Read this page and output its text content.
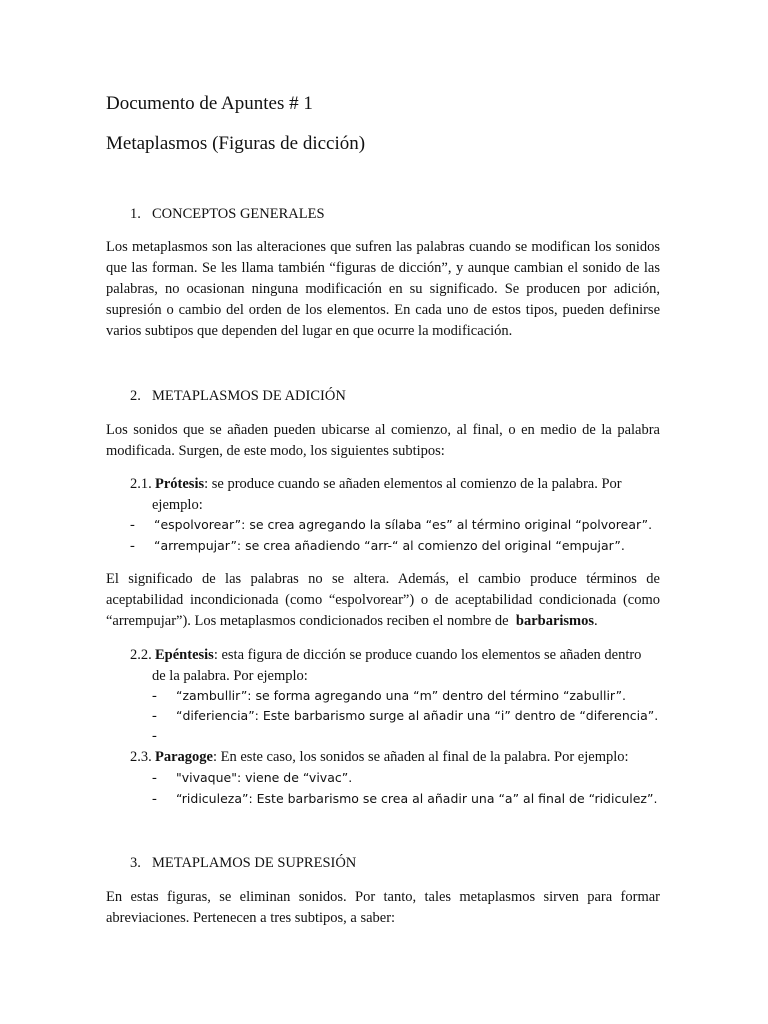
Documento de Apuntes # 1
Metaplasmos (Figuras de dicción)
1. CONCEPTOS GENERALES

Los metaplasmos son las alteraciones que sufren las palabras cuando se modifican los sonidos que las forman. Se les llama también “figuras de dicción”, y aunque cambian el sonido de las palabras, no ocasionan ninguna modificación en su significado. Se producen por adición, supresión o cambio del orden de los elementos. En cada uno de estos tipos, pueden definirse varios subtipos que dependen del lugar en que ocurre la modificación.

2. METAPLASMOS DE ADICIÓN

Los sonidos que se añaden pueden ubicarse al comienzo, al final, o en medio de la palabra modificada. Surgen, de este modo, los siguientes subtipos:

2.1. Prótesis: se produce cuando se añaden elementos al comienzo de la palabra. Por
ejemplo:
- “espolvorear”: se crea agregando la sílaba “es” al término original “polvorear”.
- “arrempujar”: se crea añadiendo “arr-“ al comienzo del original “empujar”.

El significado de las palabras no se altera. Además, el cambio produce términos de aceptabilidad incondicionada (como “espolvorear”) o de aceptabilidad condicionada (como “arrempujar”). Los metaplasmos condicionados reciben el nombre de barbarismos.

2.2. Epéntesis: esta figura de dicción se produce cuando los elementos se añaden dentro
de la palabra. Por ejemplo:
- “zambullir”: se forma agregando una “m” dentro del término “zabullir”.
- “diferiencia”: Este barbarismo surge al añadir una “i” dentro de “diferencia”.
-
2.3. Paragoge: En este caso, los sonidos se añaden al final de la palabra. Por ejemplo:
- "vivaque": viene de “vivac”.
- “ridiculeza”: Este barbarismo se crea al añadir una “a” al final de “ridiculez”.
3. METAPLAMOS DE SUPRESIÓN

En estas figuras, se eliminan sonidos. Por tanto, tales metaplasmos sirven para formar abreviaciones. Pertenecen a tres subtipos, a saber:
